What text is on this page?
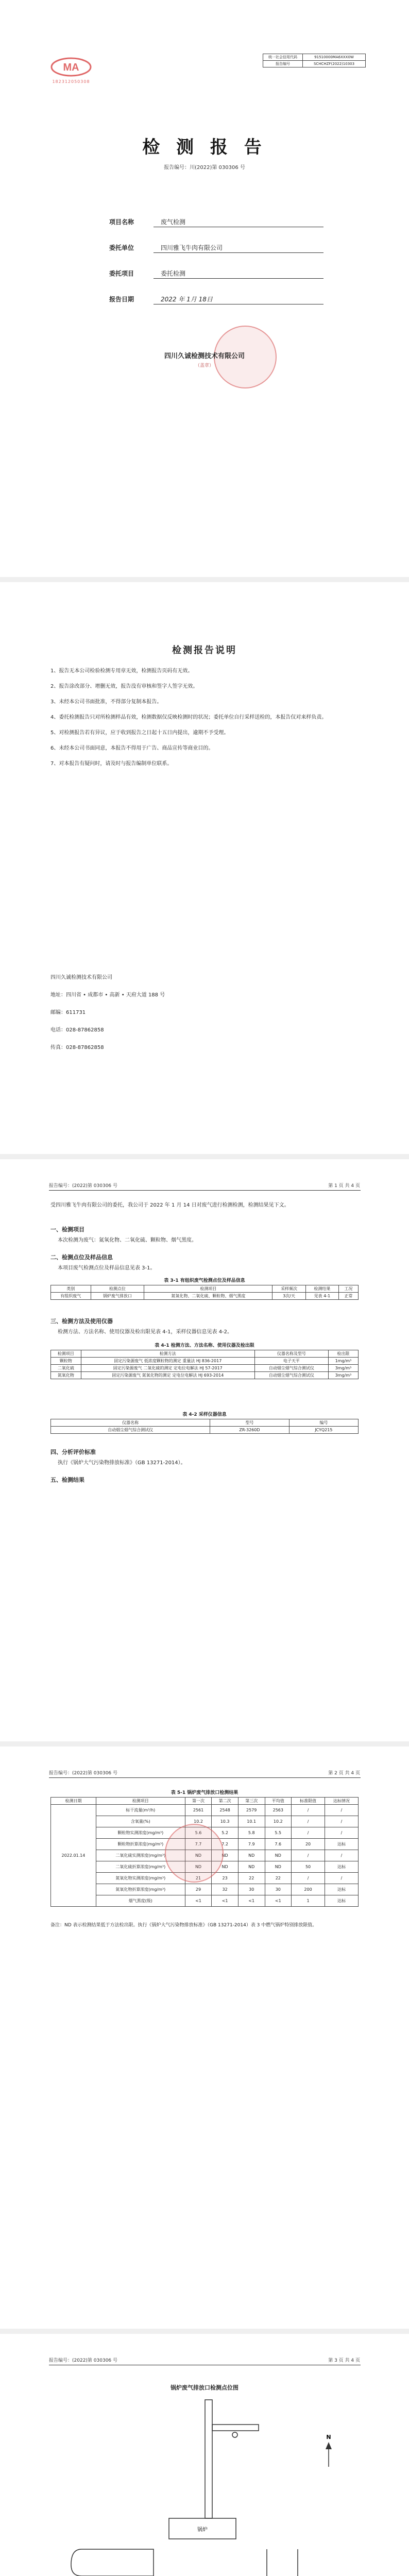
MA
182312050308
统一社会信用代码	91510000MA6XXX0W
报告编号	SCHCHZF(2022)10303
检 测 报 告
报告编号：川(2022)第 030306 号
项目名称	废气检测
委托单位	四川雅飞牛肉有限公司
委托项目	委托检测
报告日期	2022 年 1月 18日
四川久诚检测技术有限公司
（盖章）
检测报告说明
1、报告无本公司检验检测专用章无效，检测报告页码有无效。
2、报告涂改部分、增删无效，报告没有审核和签字人签字无效。
3、未经本公司书面批准，不得部分复制本报告。
4、委托检测报告只对所检测样品有效，检测数据仅反映检测时的状况；委托单位自行采样送检的，本报告仅对来样负责。
5、对检测报告若有异议，应于收到报告之日起十五日内提出，逾期不予受理。
6、未经本公司书面同意，本报告不得用于广告、商品宣传等商业目的。
7、对本报告有疑问时，请及时与报告编制单位联系。
四川久诚检测技术有限公司
地址：四川省 • 成都市 • 高新 • 天府大道 188 号
邮编：611731
电话：028-87862858
传真：028-87862858
报告编号：(2022)第 030306 号	第 1 页 共 4 页
受四川雅飞牛肉有限公司的委托，我公司于 2022 年 1 月 14 日对废气进行检测检测，检测结果见下文。
一、检测项目
本次检测为废气：氮氧化物、二氧化硫、颗粒物、烟气黑度。
二、检测点位及样品信息
本项目废气检测点位及样品信息见表 3-1。
表 3-1 有组织废气检测点位及样品信息
类别	检测点位	检测项目	采样频次	检测结果	工况
有组织废气	锅炉废气排放口	氮氧化物、二氧化硫、颗粒物、烟气黑度	3次/天	见表 4-1	正常
三、检测方法及使用仪器
检测方法、方法名称、使用仪器及检出限见表 4-1，采样仪器信息见表 4-2。
表 4-1 检测方法、方法名称、使用仪器及检出限
检测项目	检测方法	仪器名称及型号	检出限
颗粒物	固定污染源废气 低浓度颗粒物的测定 重量法 HJ 836-2017	电子天平	1mg/m³
二氧化硫	固定污染源废气 二氧化硫的测定 定电位电解法 HJ 57-2017	自动烟尘烟气综合测试仪	3mg/m³
氮氧化物	固定污染源废气 氮氧化物的测定 定电位电解法 HJ 693-2014	自动烟尘烟气综合测试仪	3mg/m³
表 4-2 采样仪器信息
仪器名称	型号	编号
自动烟尘烟气综合测试仪	ZR-3260D	JCYQ215
四、分析评价标准
执行《锅炉大气污染物排放标准》（GB 13271-2014）。
五、检测结果
报告编号：(2022)第 030306 号	第 2 页 共 4 页
表 5-1 锅炉废气排放口检测结果
检测日期	检测项目	第一次	第二次	第三次	平均值	标准限值	达标情况
2022.01.14	标干流量(m³/h)	2561	2548	2579	2563	/	/
	含氧量(%)	10.2	10.3	10.1	10.2	/	/
	颗粒物实测浓度(mg/m³)	5.6	5.2	5.8	5.5	/	/
	颗粒物折算浓度(mg/m³)	7.7	7.2	7.9	7.6	20	达标
	二氧化硫实测浓度(mg/m³)	ND	ND	ND	ND	/	/
	二氧化硫折算浓度(mg/m³)	ND	ND	ND	ND	50	达标
	氮氧化物实测浓度(mg/m³)	21	23	22	22	/	/
	氮氧化物折算浓度(mg/m³)	29	32	30	30	200	达标
	烟气黑度(级)	<1	<1	<1	<1	1	达标
备注：ND 表示检测结果低于方法检出限。执行《锅炉大气污染物排放标准》（GB 13271-2014）表 3 中燃气锅炉特别排放限值。
报告编号：(2022)第 030306 号	第 3 页 共 4 页
锅炉废气排放口检测点位图
锅炉
N
